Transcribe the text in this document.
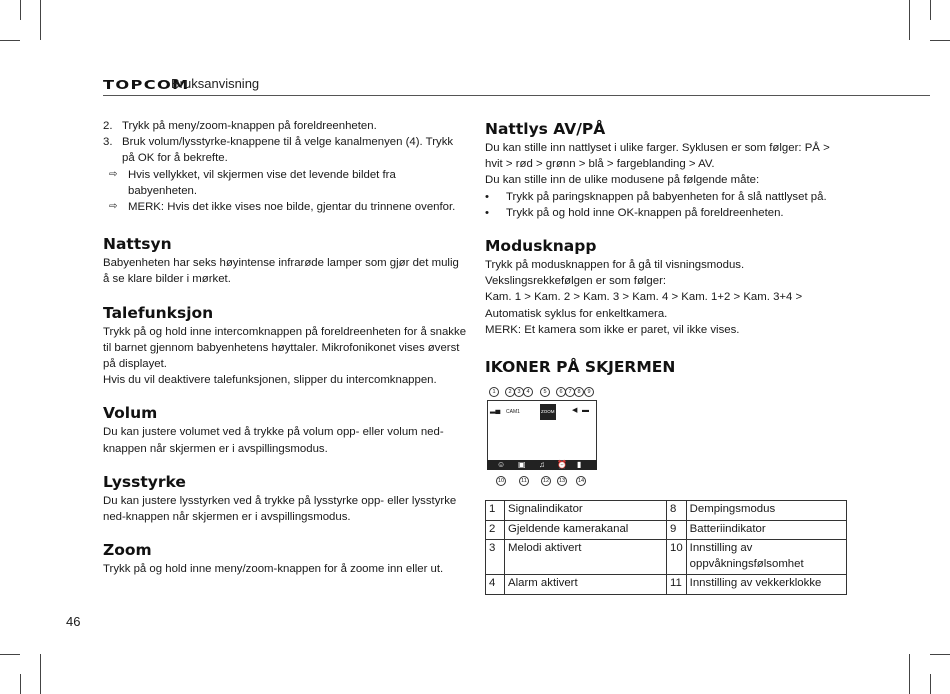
TOPCOM
Bruksanvisning

2. Trykk på meny/zoom-knappen på foreldreenheten.

3. Bruk volum/lysstyrke-knappene til å velge kanalmenyen (4). Trykk på OK for å bekrefte.

⇨ Hvis vellykket, vil skjermen vise det levende bildet fra babyenheten.

⇨ MERK: Hvis det ikke vises noe bilde, gjentar du trinnene ovenfor.

Nattsyn

Babyenheten har seks høyintense infrarøde lamper som gjør det mulig å se klare bilder i mørket.

Talefunksjon

Trykk på og hold inne intercomknappen på foreldreenheten for å snakke til barnet gjennom babyenhetens høyttaler. Mikrofonikonet vises øverst på displayet.

Hvis du vil deaktivere talefunksjonen, slipper du intercomknappen.

Volum

Du kan justere volumet ved å trykke på volum opp- eller volum ned-knappen når skjermen er i avspillingsmodus.

Lysstyrke

Du kan justere lysstyrken ved å trykke på lysstyrke opp- eller lysstyrke ned-knappen når skjermen er i avspillingsmodus.

Zoom

Trykk på og hold inne meny/zoom-knappen for å zoome inn eller ut.

Nattlys AV/PÅ

Du kan stille inn nattlyset i ulike farger. Syklusen er som følger: PÅ > hvit > rød > grønn > blå > fargeblanding > AV.

Du kan stille inn de ulike modusene på følgende måte:

• Trykk på paringsknappen på babyenheten for å slå nattlyset på.

• Trykk på og hold inne OK-knappen på foreldreenheten.

Modusknapp

Trykk på modusknappen for å gå til visningsmodus.

Vekslingsrekkefølgen er som følger:

Kam. 1 > Kam. 2 > Kam. 3 > Kam. 4 > Kam. 1+2 > Kam. 3+4 > Automatisk syklus for enkeltkamera.

MERK: Et kamera som ikke er paret, vil ikke vises.

IKONER PÅ SKJERMEN
1	2	3	4	5	6	7	8	9
▂▄ CAM1	ZOOM	◀ ▬
☺ ▣ ♫ ⏰ ▮
10	11	12	13	14
1	Signalindikator	8	Dempingsmodus
2	Gjeldende kamerakanal	9	Batteriindikator
3	Melodi aktivert	10	Innstilling av oppvåkningsfølsomhet
4	Alarm aktivert	11	Innstilling av vekkerklokke
46
